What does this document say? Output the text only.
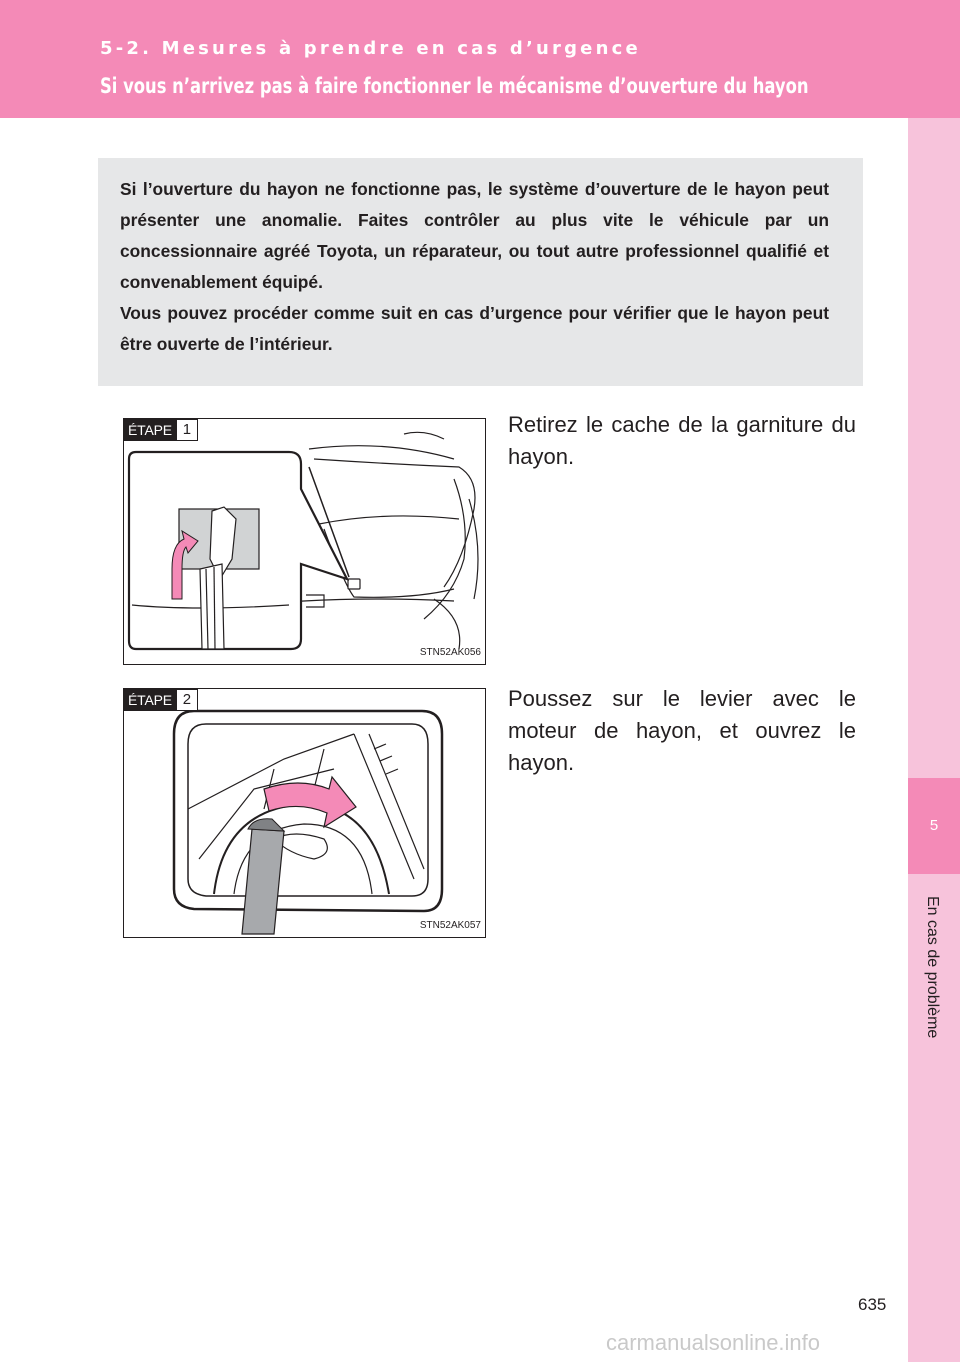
5-2. Mesures à prendre en cas d’urgence
Si vous n’arrivez pas à faire fonctionner le mécanisme d’ouverture du hayon
5
En cas de problème

Si l’ouverture du hayon ne fonctionne pas, le système d’ouverture de le hayon peut présenter une anomalie. Faites contrôler au plus vite le véhicule par un concessionnaire agréé Toyota, un réparateur, ou tout autre professionnel qualifié et convenablement équipé.

Vous pouvez procéder comme suit en cas d’urgence pour vérifier que le hayon peut être ouverte de l’intérieur.

ÉTAPE 1
STN52AK056
Retirez le cache de la garniture du hayon.
ÉTAPE 2
STN52AK057
Poussez sur le levier avec le moteur de hayon, et ouvrez le hayon.
635
carmanualsonline.info
